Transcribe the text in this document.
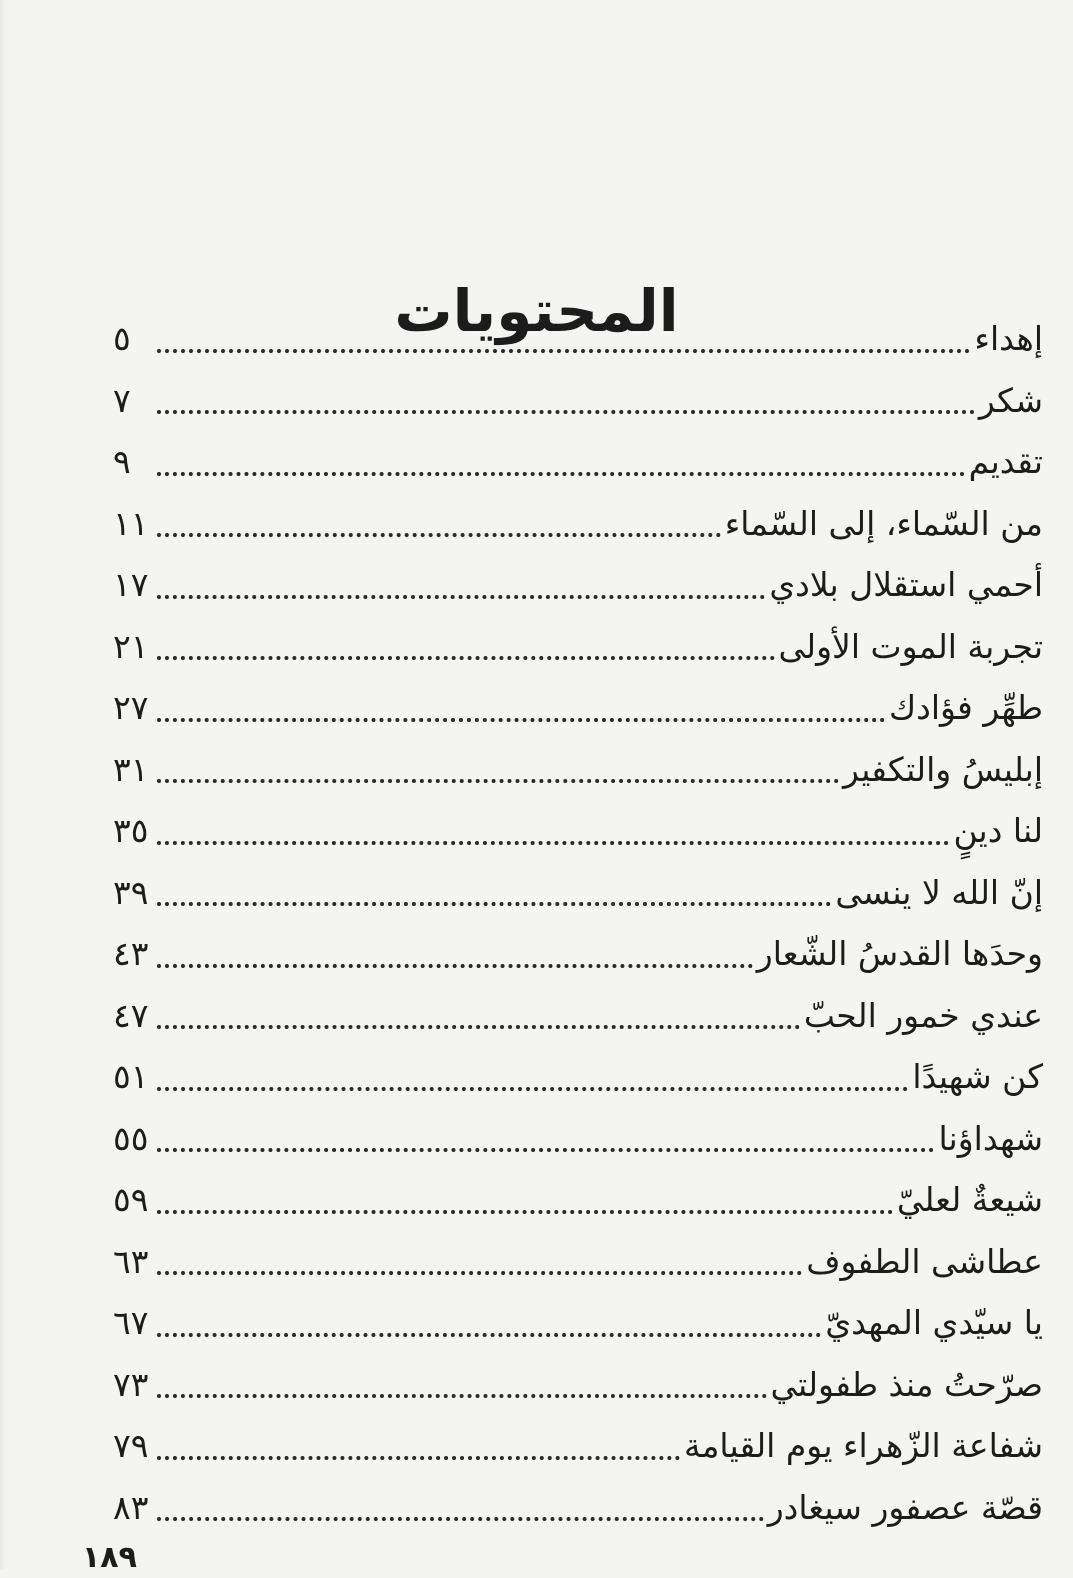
المحتويات	إهداء
٥
شكر
٧
تقديم
٩
من السّماء، إلى السّماء
١١
أحمي استقلال بلادي
١٧
تجربة الموت الأولى
٢١
طهِّر فؤادك
٢٧
إبليسُ والتكفير
٣١
لنا دينٍ
٣٥
إنّ الله لا ينسى
٣٩
وحدَها القدسُ الشّعار
٤٣
عندي خمور الحبّ
٤٧
كن شهيدًا
٥١
شهداؤنا
٥٥
شيعةٌ لعليّ
٥٩
عطاشى الطفوف
٦٣
يا سيّدي المهديّ
٦٧
صرّحتُ منذ طفولتي
٧٣
شفاعة الزّهراء يوم القيامة
٧٩
قصّة عصفور سيغادر
٨٣
١٨٩
